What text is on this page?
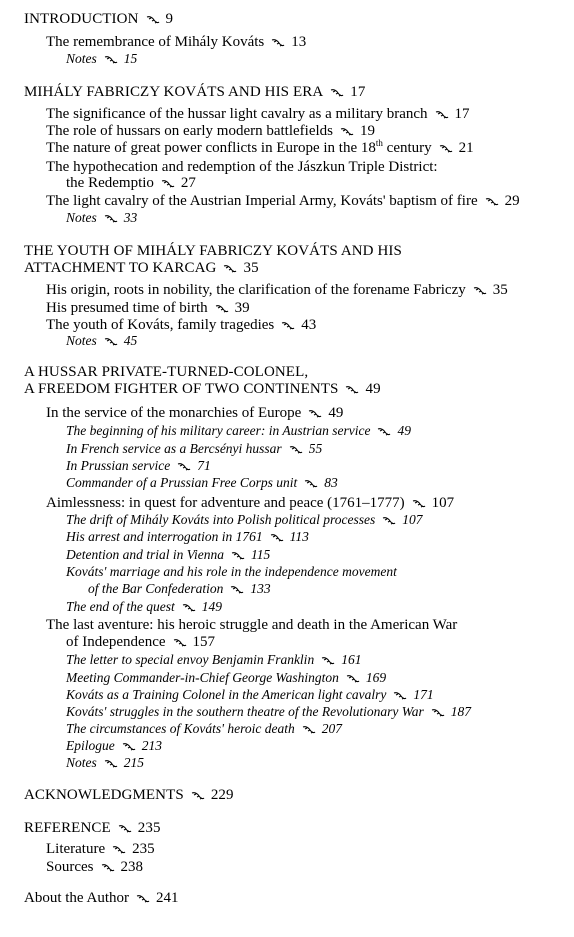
INTRODUCTION 9
The remembrance of Mihály Kováts 13
Notes 15
MIHÁLY FABRICZY KOVÁTS AND HIS ERA 17
The significance of the hussar light cavalry as a military branch 17
The role of hussars on early modern battlefields 19
The nature of great power conflicts in Europe in the 18th century 21
The hypothecation and redemption of the Jászkun Triple District:
the Redemptio 27
The light cavalry of the Austrian Imperial Army, Kováts' baptism of fire 29
Notes 33
THE YOUTH OF MIHÁLY FABRICZY KOVÁTS AND HIS
ATTACHMENT TO KARCAG 35
His origin, roots in nobility, the clarification of the forename Fabriczy 35
His presumed time of birth 39
The youth of Kováts, family tragedies 43
Notes 45
A HUSSAR PRIVATE-TURNED-COLONEL,
A FREEDOM FIGHTER OF TWO CONTINENTS 49
In the service of the monarchies of Europe 49
The beginning of his military career: in Austrian service 49
In French service as a Bercsényi hussar 55
In Prussian service 71
Commander of a Prussian Free Corps unit 83
Aimlessness: in quest for adventure and peace (1761–1777) 107
The drift of Mihály Kováts into Polish political processes 107
His arrest and interrogation in 1761 113
Detention and trial in Vienna 115
Kováts' marriage and his role in the independence movement
of the Bar Confederation 133
The end of the quest 149
The last aventure: his heroic struggle and death in the American War
of Independence 157
The letter to special envoy Benjamin Franklin 161
Meeting Commander-in-Chief George Washington 169
Kováts as a Training Colonel in the American light cavalry 171
Kováts' struggles in the southern theatre of the Revolutionary War 187
The circumstances of Kováts' heroic death 207
Epilogue 213
Notes 215
ACKNOWLEDGMENTS 229
REFERENCE 235
Literature 235
Sources 238
About the Author 241
